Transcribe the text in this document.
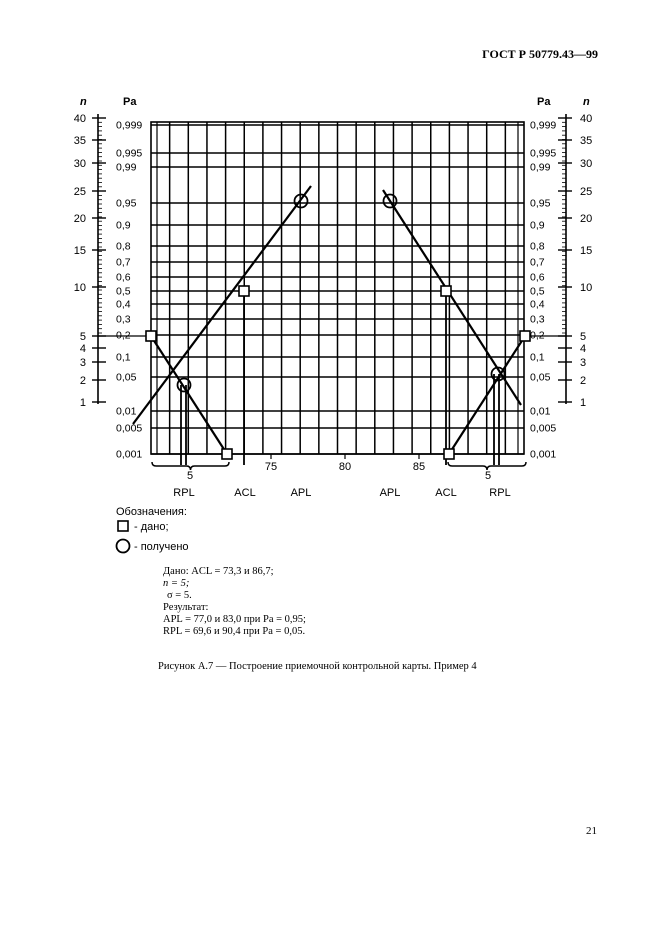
ГОСТ Р 50779.43—99
40
35
30
25
20
15
10
5
4
3
2
1
40
35
30
25
20
15
10
5
4
3
2
1
n	Pa	Pa	n
0,999	0,999
0,995	0,995
0,99	0,99
0,95	0,95
0,9	0,9
0,8	0,8
0,7	0,7
0,6	0,6
0,5	0,5
0,4	0,4
0,3	0,3
0,2	0,2
0,1	0,1
0,05	0,05
0,01	0,01
0,005	0,005
0,001	0,001
75	80	85
5	5
RPL	ACL	APL	APL	ACL	RPL
Обозначения:
- дано;
- получено

Дано: ACL = 73,3 и 86,7;

n = 5;

σ = 5.

Результат:

APL = 77,0 и 83,0 при Pa = 0,95;

RPL = 69,6 и 90,4 при Pa = 0,05.

Рисунок А.7 — Построение приемочной контрольной карты. Пример 4
21
